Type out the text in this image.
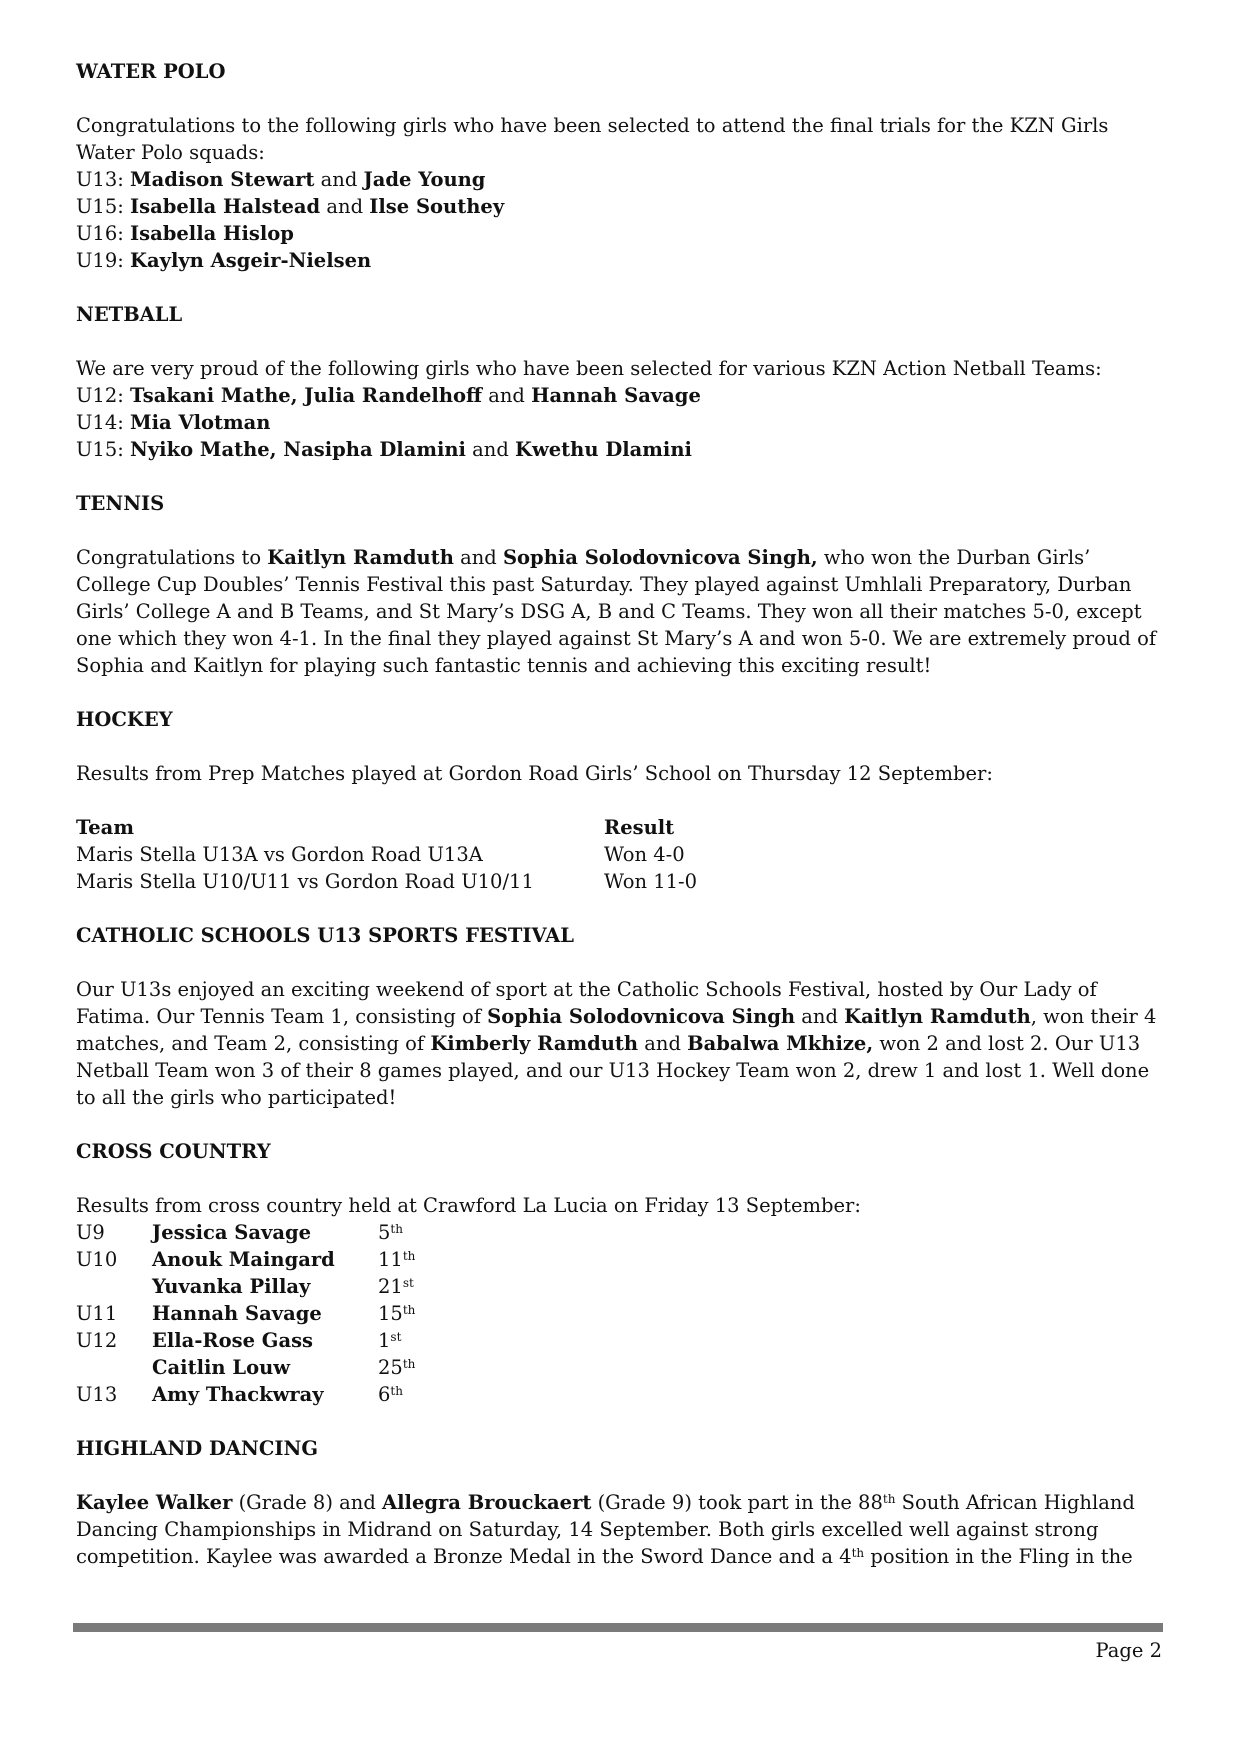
WATER POLO

Congratulations to the following girls who have been selected to attend the final trials for the KZN Girls Water Polo squads:

U13: Madison Stewart and Jade Young

U15: Isabella Halstead and Ilse Southey

U16: Isabella Hislop

U19: Kaylyn Asgeir-Nielsen

NETBALL

We are very proud of the following girls who have been selected for various KZN Action Netball Teams:

U12: Tsakani Mathe, Julia Randelhoff and Hannah Savage

U14: Mia Vlotman

U15: Nyiko Mathe, Nasipha Dlamini and Kwethu Dlamini

TENNIS

Congratulations to Kaitlyn Ramduth and Sophia Solodovnicova Singh, who won the Durban Girls’ College Cup Doubles’ Tennis Festival this past Saturday. They played against Umhlali Preparatory, Durban Girls’ College A and B Teams, and St Mary’s DSG A, B and C Teams. They won all their matches 5-0, except one which they won 4-1. In the final they played against St Mary’s A and won 5-0. We are extremely proud of Sophia and Kaitlyn for playing such fantastic tennis and achieving this exciting result!

HOCKEY

Results from Prep Matches played at Gordon Road Girls’ School on Thursday 12 September:

Team	Result
Maris Stella U13A vs Gordon Road U13A	Won 4-0
Maris Stella U10/U11 vs Gordon Road U10/11	Won 11-0

CATHOLIC SCHOOLS U13 SPORTS FESTIVAL

Our U13s enjoyed an exciting weekend of sport at the Catholic Schools Festival, hosted by Our Lady of Fatima. Our Tennis Team 1, consisting of Sophia Solodovnicova Singh and Kaitlyn Ramduth, won their 4 matches, and Team 2, consisting of Kimberly Ramduth and Babalwa Mkhize, won 2 and lost 2. Our U13 Netball Team won 3 of their 8 games played, and our U13 Hockey Team won 2, drew 1 and lost 1. Well done to all the girls who participated!

CROSS COUNTRY

Results from cross country held at Crawford La Lucia on Friday 13 September:

U9	Jessica Savage	5th
U10	Anouk Maingard	11th
	Yuvanka Pillay	21st
U11	Hannah Savage	15th
U12	Ella-Rose Gass	1st
	Caitlin Louw	25th
U13	Amy Thackwray	6th

HIGHLAND DANCING

Kaylee Walker (Grade 8) and Allegra Brouckaert (Grade 9) took part in the 88th South African Highland Dancing Championships in Midrand on Saturday, 14 September. Both girls excelled well against strong competition. Kaylee was awarded a Bronze Medal in the Sword Dance and a 4th position in the Fling in the

Page 2
